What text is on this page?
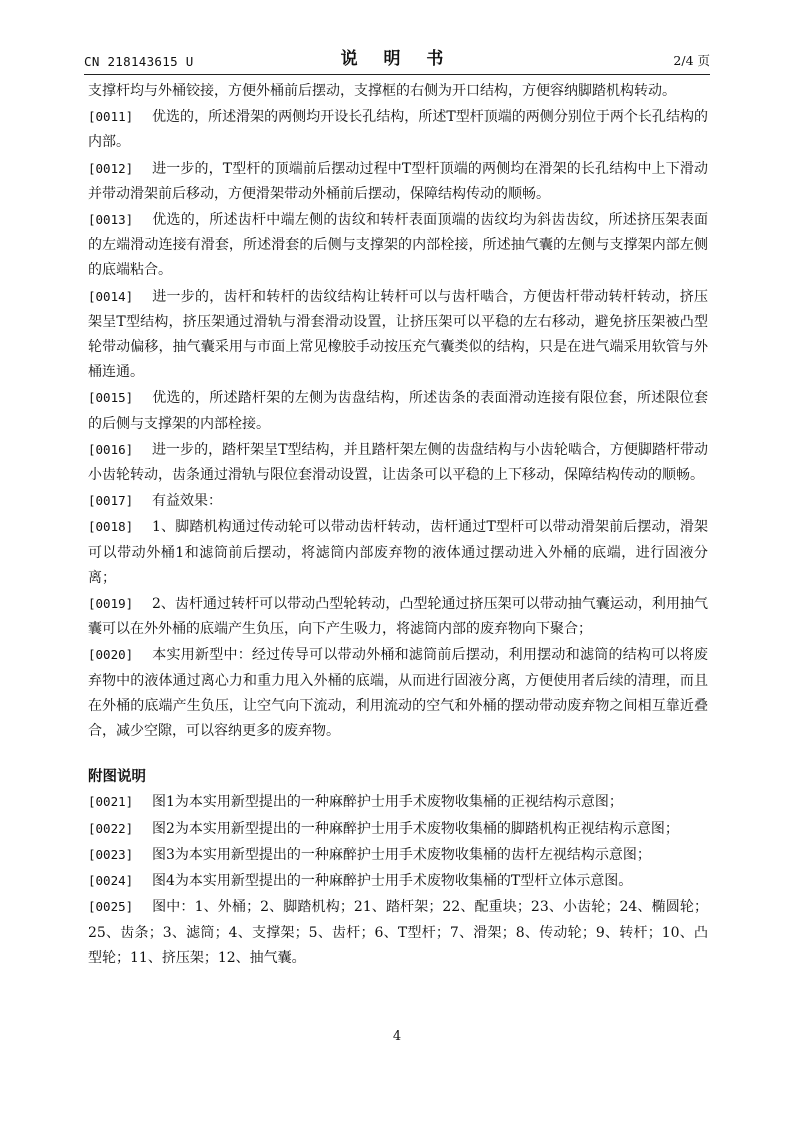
CN 218143615 U	说 明 书	2/4 页

支撑杆均与外桶铰接，方便外桶前后摆动，支撑框的右侧为开口结构，方便容纳脚踏机构转动。

[0011] 优选的，所述滑架的两侧均开设长孔结构，所述T型杆顶端的两侧分别位于两个长孔结构的内部。

[0012] 进一步的，T型杆的顶端前后摆动过程中T型杆顶端的两侧均在滑架的长孔结构中上下滑动并带动滑架前后移动，方便滑架带动外桶前后摆动，保障结构传动的顺畅。

[0013] 优选的，所述齿杆中端左侧的齿纹和转杆表面顶端的齿纹均为斜齿齿纹，所述挤压架表面的左端滑动连接有滑套，所述滑套的后侧与支撑架的内部栓接，所述抽气囊的左侧与支撑架内部左侧的底端粘合。

[0014] 进一步的，齿杆和转杆的齿纹结构让转杆可以与齿杆啮合，方便齿杆带动转杆转动，挤压架呈T型结构，挤压架通过滑轨与滑套滑动设置，让挤压架可以平稳的左右移动，避免挤压架被凸型轮带动偏移，抽气囊采用与市面上常见橡胶手动按压充气囊类似的结构，只是在进气端采用软管与外桶连通。

[0015] 优选的，所述踏杆架的左侧为齿盘结构，所述齿条的表面滑动连接有限位套，所述限位套的后侧与支撑架的内部栓接。

[0016] 进一步的，踏杆架呈T型结构，并且踏杆架左侧的齿盘结构与小齿轮啮合，方便脚踏杆带动小齿轮转动，齿条通过滑轨与限位套滑动设置，让齿条可以平稳的上下移动，保障结构传动的顺畅。

[0017] 有益效果：

[0018] 1、脚踏机构通过传动轮可以带动齿杆转动，齿杆通过T型杆可以带动滑架前后摆动，滑架可以带动外桶1和滤筒前后摆动，将滤筒内部废弃物的液体通过摆动进入外桶的底端，进行固液分离；

[0019] 2、齿杆通过转杆可以带动凸型轮转动，凸型轮通过挤压架可以带动抽气囊运动，利用抽气囊可以在外外桶的底端产生负压，向下产生吸力，将滤筒内部的废弃物向下聚合；

[0020] 本实用新型中：经过传导可以带动外桶和滤筒前后摆动，利用摆动和滤筒的结构可以将废弃物中的液体通过离心力和重力甩入外桶的底端，从而进行固液分离，方便使用者后续的清理，而且在外桶的底端产生负压，让空气向下流动，利用流动的空气和外桶的摆动带动废弃物之间相互靠近叠合，减少空隙，可以容纳更多的废弃物。

附图说明

[0021] 图1为本实用新型提出的一种麻醉护士用手术废物收集桶的正视结构示意图；

[0022] 图2为本实用新型提出的一种麻醉护士用手术废物收集桶的脚踏机构正视结构示意图；

[0023] 图3为本实用新型提出的一种麻醉护士用手术废物收集桶的齿杆左视结构示意图；

[0024] 图4为本实用新型提出的一种麻醉护士用手术废物收集桶的T型杆立体示意图。

[0025] 图中：1、外桶；2、脚踏机构；21、踏杆架；22、配重块；23、小齿轮；24、椭圆轮；25、齿条；3、滤筒；4、支撑架；5、齿杆；6、T型杆；7、滑架；8、传动轮；9、转杆；10、凸型轮；11、挤压架；12、抽气囊。

4
